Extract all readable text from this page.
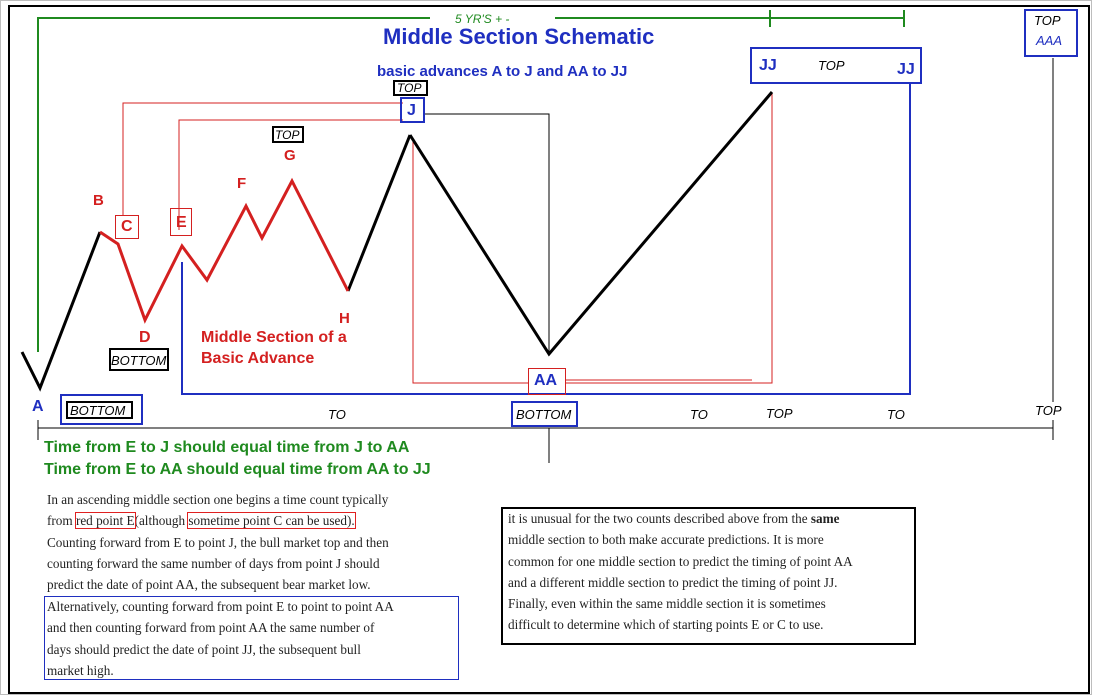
5 YR'S + -
Middle Section Schematic
basic advances A to J and AA to JJ
A
B
C
D
E
F
G
H
J
AA
JJ	TOP	JJ
TOP
AAA
TOP
TOP
BOTTOM
BOTTOM	BOTTOM
Middle Section of a
Basic Advance
TO	TO	TOP	TO	TOP
Time from E to J should equal time from J to AA
Time from E to AA should equal time from AA to JJ

In an ascending middle section one begins a time count typically

from red point E(although sometime point C can be used).

Counting forward from E to point J, the bull market top and then

counting forward the same number of days from point J should

predict the date of point AA, the subsequent bear market low.

Alternatively, counting forward from point E to point to point AA

and then counting forward from point AA the same number of

days should predict the date of point JJ, the subsequent bull

market high.

it is unusual for the two counts described above from the same

middle section to both make accurate predictions. It is more

common for one middle section to predict the timing of point AA

and a different middle section to predict the timing of point JJ.

Finally, even within the same middle section it is sometimes

difficult to determine which of starting points E or C to use.
